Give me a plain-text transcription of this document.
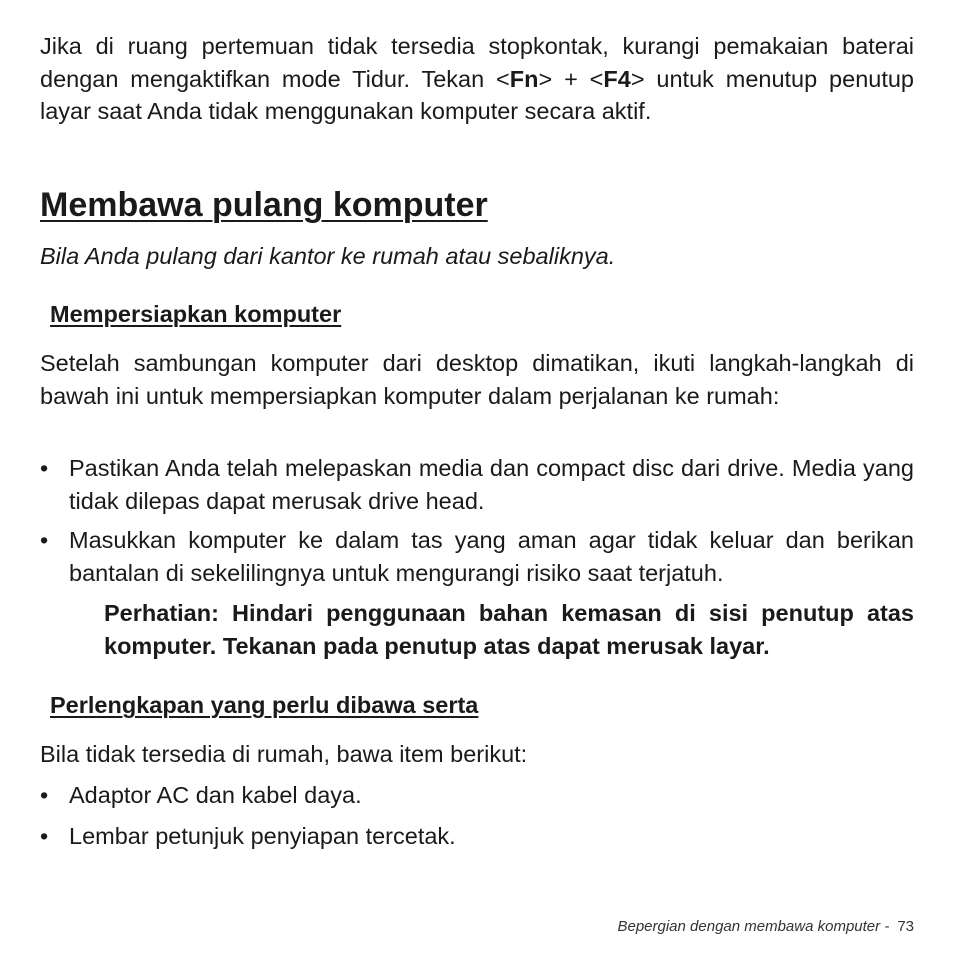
Jika di ruang pertemuan tidak tersedia stopkontak, kurangi pemakaian baterai dengan mengaktifkan mode Tidur. Tekan <Fn> + <F4> untuk menutup penutup layar saat Anda tidak menggunakan komputer secara aktif.

Membawa pulang komputer

Bila Anda pulang dari kantor ke rumah atau sebaliknya.

Mempersiapkan komputer

Setelah sambungan komputer dari desktop dimatikan, ikuti langkah-langkah di bawah ini untuk mempersiapkan komputer dalam perjalanan ke rumah:

• Pastikan Anda telah melepaskan media dan compact disc dari drive. Media yang tidak dilepas dapat merusak drive head.
• Masukkan komputer ke dalam tas yang aman agar tidak keluar dan berikan bantalan di sekelilingnya untuk mengurangi risiko saat terjatuh.

Perhatian: Hindari penggunaan bahan kemasan di sisi penutup atas komputer. Tekanan pada penutup atas dapat merusak layar.

Perlengkapan yang perlu dibawa serta

Bila tidak tersedia di rumah, bawa item berikut:

• Adaptor AC dan kabel daya.
• Lembar petunjuk penyiapan tercetak.
Bepergian dengan membawa komputer - 73
